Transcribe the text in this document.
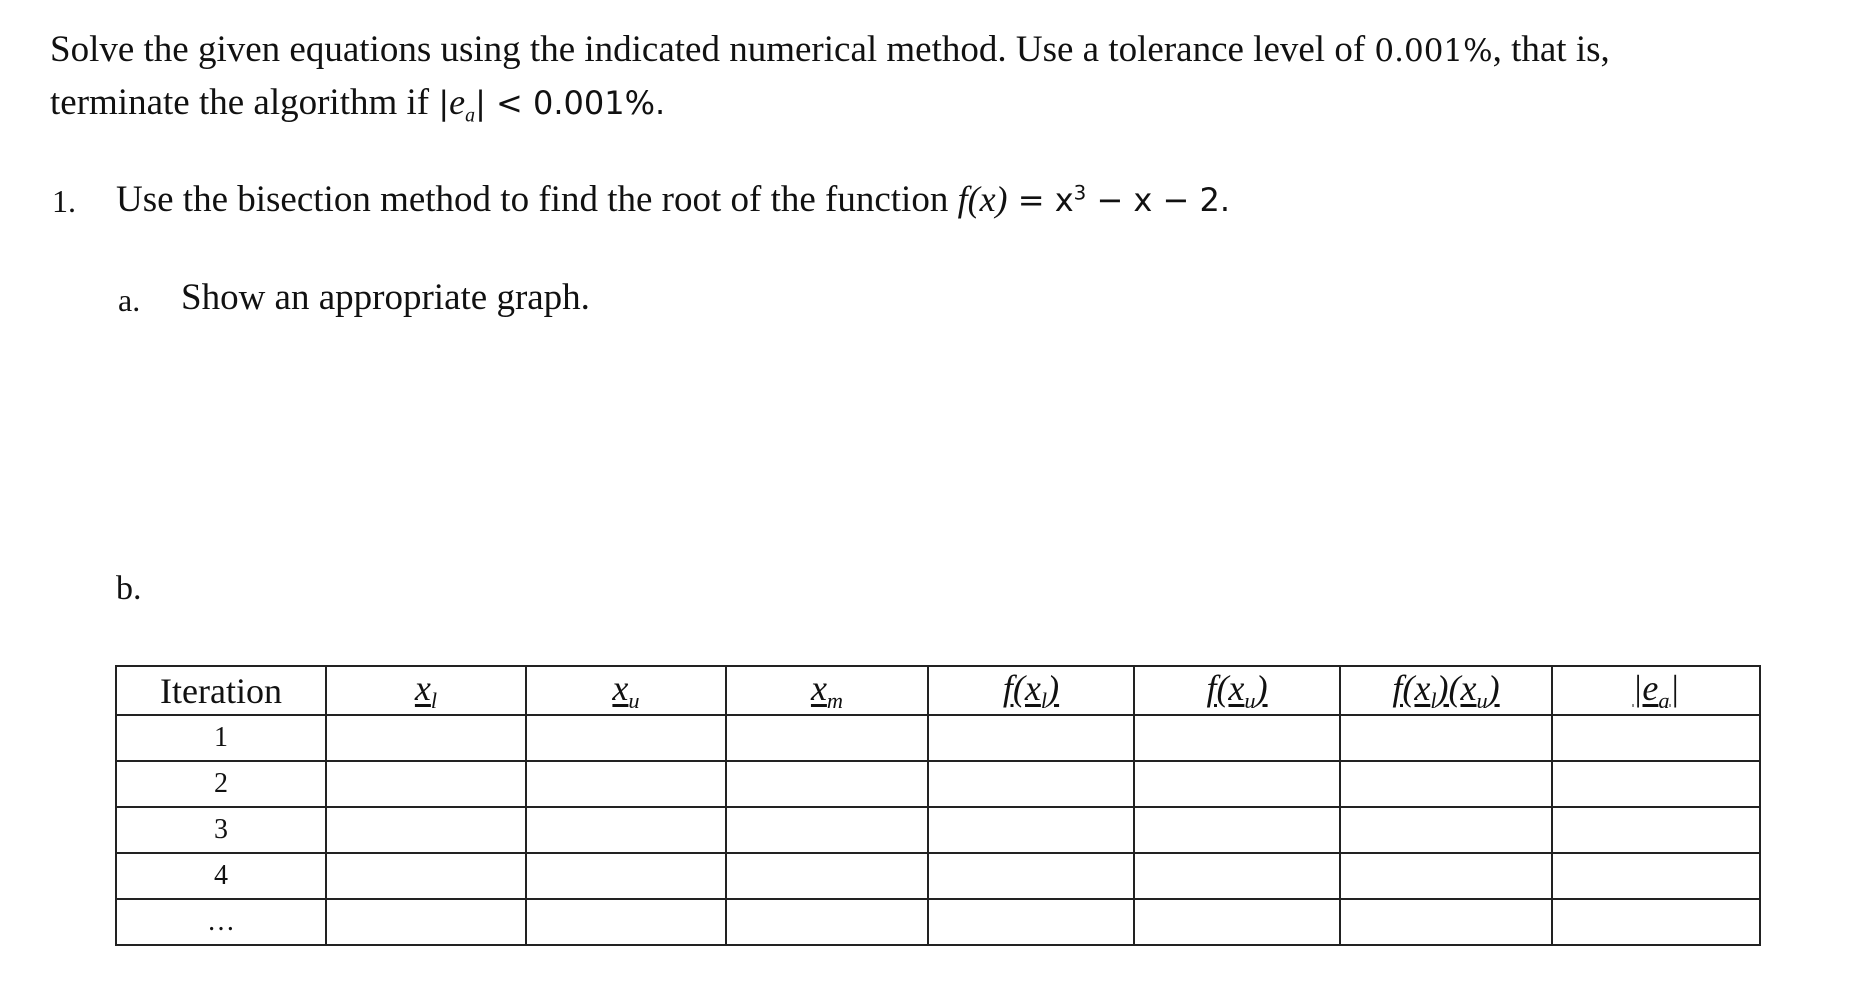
Solve the given equations using the indicated numerical method. Use a tolerance level of 0.001%, that is,
terminate the algorithm if $|e_a| < 0.001\%$.
1. Use the bisection method to find the root of the function $f(x) = x^3 - x - 2$.
a. Show an appropriate graph.
b.
Iteration	$x_l$	$x_u$	$x_m$	$f(x_l)$	$f(x_u)$	$f(x_l)(x_u)$	$|e_a|$
1							
2							
3							
4							
…							
